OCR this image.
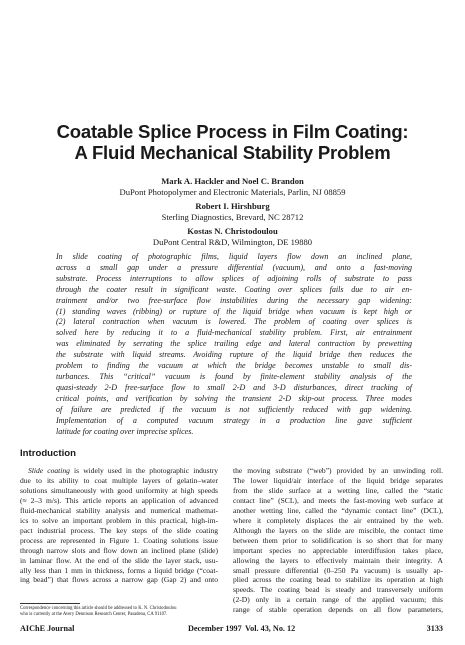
Coatable Splice Process in Film Coating:
A Fluid Mechanical Stability Problem
Mark A. Hackler and Noel C. Brandon
DuPont Photopolymer and Electronic Materials, Parlin, NJ 08859
Robert I. Hirshburg
Sterling Diagnostics, Brevard, NC 28712
Kostas N. Christodoulou
DuPont Central R&D, Wilmington, DE 19880
In slide coating of photographic films, liquid layers flow down an inclined plane,
across a small gap under a pressure differential (vacuum), and onto a fast-moving
substrate. Process interruptions to allow splices of adjoining rolls of substrate to pass
through the coater result in significant waste. Coating over splices fails due to air en-
trainment and/or two free-surface flow instabilities during the necessary gap widening:
(1) standing waves (ribbing) or rupture of the liquid bridge when vacuum is kept high or
(2) lateral contraction when vacuum is lowered. The problem of coating over splices is
solved here by reducing it to a fluid-mechanical stability problem. First, air entrainment
was eliminated by serrating the splice trailing edge and lateral contraction by prewetting
the substrate with liquid streams. Avoiding rupture of the liquid bridge then reduces the
problem to finding the vacuum at which the bridge becomes unstable to small dis-
turbances. This “critical” vacuum is found by finite-element stability analysis of the
quasi-steady 2-D free-surface flow to small 2-D and 3-D disturbances, direct tracking of
critical points, and verification by solving the transient 2-D skip-out process. Three modes
of failure are predicted if the vacuum is not sufficiently reduced with gap widening.
Implementation of a computed vacuum strategy in a production line gave sufficient
latitude for coating over imprecise splices.
Introduction
Slide coating is widely used in the photographic industry
due to its ability to coat multiple layers of gelatin–water
solutions simultaneously with good uniformity at high speeds
(≈ 2–3 m/s). This article reports an application of advanced
fluid-mechanical stability analysis and numerical mathemat-
ics to solve an important problem in this practical, high-im-
pact industrial process. The key steps of the slide coating
process are represented in Figure 1. Coating solutions issue
through narrow slots and flow down an inclined plane (slide)
in laminar flow. At the end of the slide the layer stack, usu-
ally less than 1 mm in thickness, forms a liquid bridge (“coat-
ing bead”) that flows across a narrow gap (Gap 2) and onto
Correspondence concerning this article should be addressed to K. N. Christodoulou
who is currently at the Avery Dennison Research Center, Pasadena, CA 91107.
the moving substrate (“web”) provided by an unwinding roll.
The lower liquid/air interface of the liquid bridge separates
from the slide surface at a wetting line, called the “static
contact line” (SCL), and meets the fast-moving web surface at
another wetting line, called the “dynamic contact line” (DCL),
where it completely displaces the air entrained by the web.
Although the layers on the slide are miscible, the contact time
between them prior to solidification is so short that for many
important species no appreciable interdiffusion takes place,
allowing the layers to effectively maintain their integrity. A
small pressure differential (0–250 Pa vacuum) is usually ap-
plied across the coating bead to stabilize its operation at high
speeds. The coating bead is steady and transversely uniform
(2-D) only in a certain range of the applied vacuum; this
range of stable operation depends on all flow parameters,
AIChE Journal	December 1997 Vol. 43, No. 12	3133
